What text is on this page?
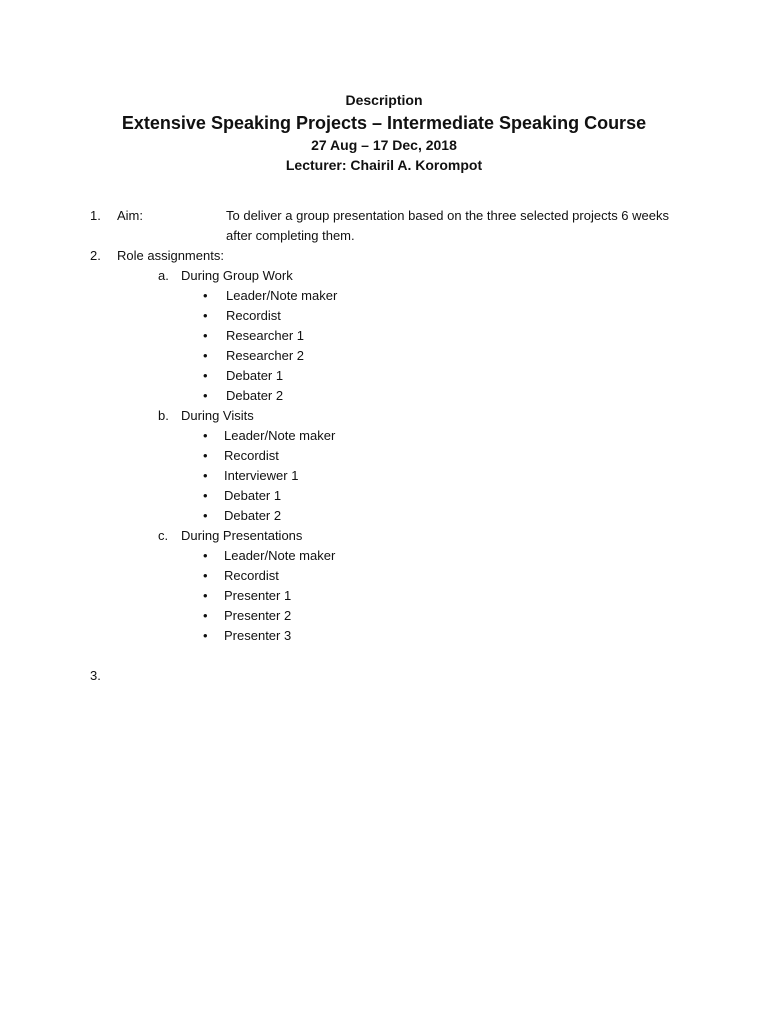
Description
Extensive Speaking Projects – Intermediate Speaking Course
27 Aug – 17 Dec, 2018
Lecturer: Chairil A. Korompot
1. Aim:	To deliver a group presentation based on the three selected projects 6 weeks
after completing them.
2. Role assignments:
a. During Group Work
• Leader/Note maker
• Recordist
• Researcher 1
• Researcher 2
• Debater 1
• Debater 2
b. During Visits
• Leader/Note maker
• Recordist
• Interviewer 1
• Debater 1
• Debater 2
c. During Presentations
• Leader/Note maker
• Recordist
• Presenter 1
• Presenter 2
• Presenter 3
3.
